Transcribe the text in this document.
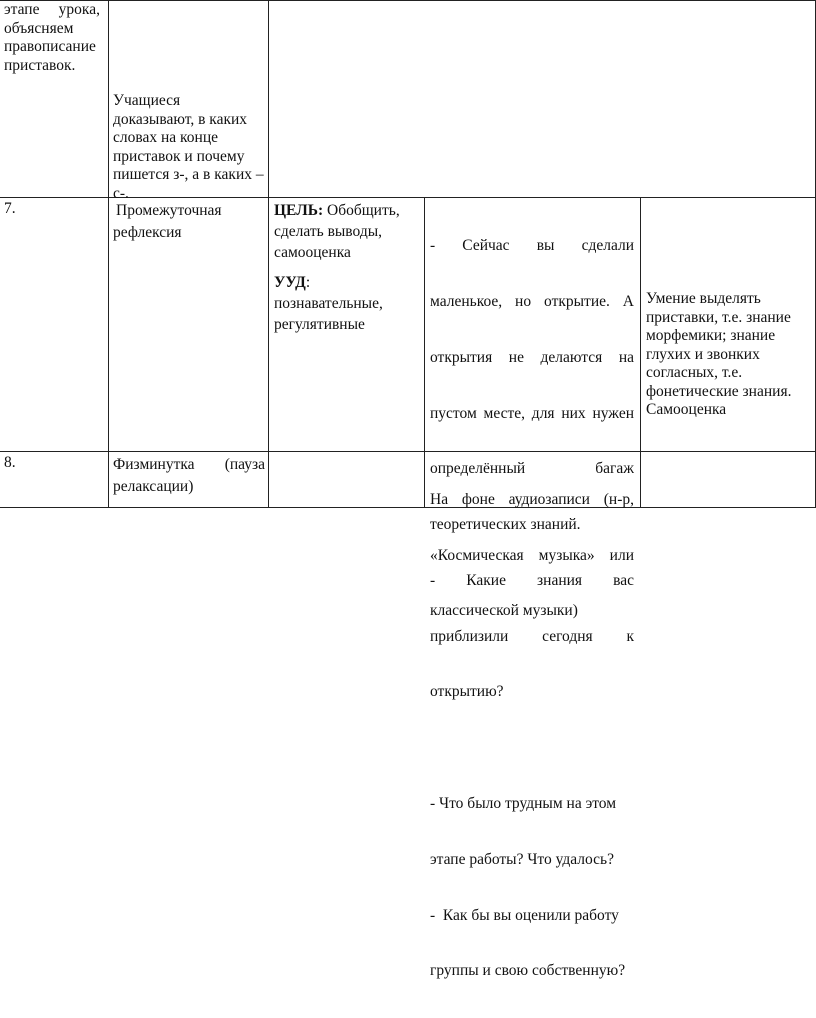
этапе урока,
объясняем
правописание
приставок.
Учащиеся
доказывают, в каких
словах на конце
приставок и почему
пишется з-, а в каких –
с-.
7.	Промежуточная
рефлексия
ЦЕЛЬ: Обобщить,
сделать выводы,
самооценка
УУД:
познавательные,
регулятивные

-   Сейчас   вы   сделали

маленькое,  но  открытие.  А

открытия  не  делаются  на

пустом месте, для них нужен

определённый           багаж

теоретических знаний.

-      Какие      знания      вас

приблизили    сегодня    к

открытию?

- Что было трудным на этом

этапе работы? Что удалось?

-  Как бы вы оценили работу

группы и свою собственную?

Умение выделять
приставки, т.е. знание
морфемики; знание
глухих и звонких
согласных, т.е.
фонетические знания.
Самооценка
8.	Физминутка (пауза
релаксации)

На  фоне  аудиозаписи  (н-р,

«Космическая  музыка»  или

классической музыки)
